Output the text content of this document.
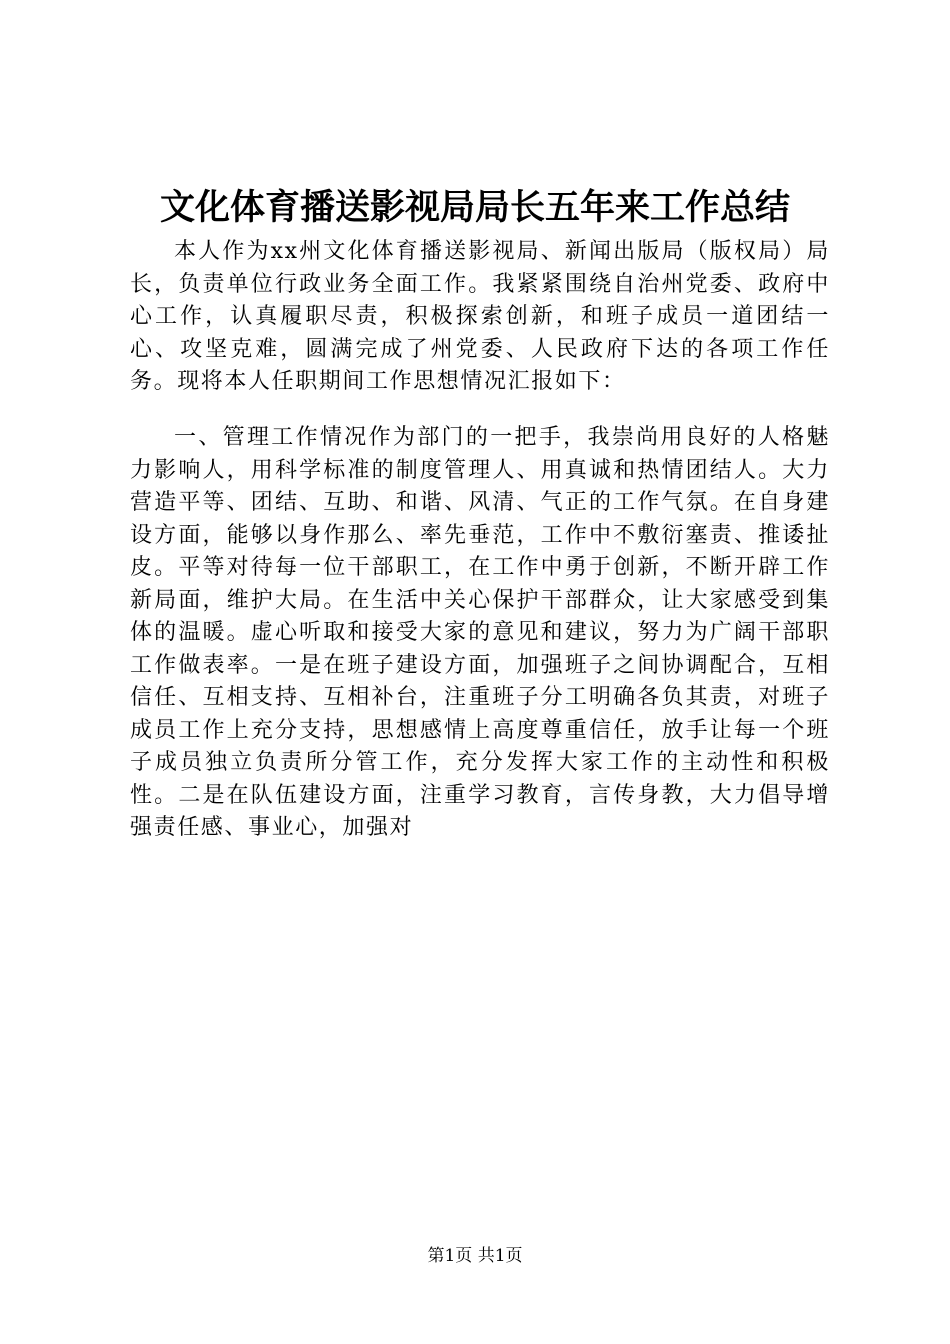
文化体育播送影视局局长五年来工作总结

本人作为xx州文化体育播送影视局、新闻出版局（版权局）局长，负责单位行政业务全面工作。我紧紧围绕自治州党委、政府中心工作，认真履职尽责，积极探索创新，和班子成员一道团结一心、攻坚克难，圆满完成了州党委、人民政府下达的各项工作任务。现将本人任职期间工作思想情况汇报如下：

一、管理工作情况作为部门的一把手，我崇尚用良好的人格魅力影响人，用科学标准的制度管理人、用真诚和热情团结人。大力营造平等、团结、互助、和谐、风清、气正的工作气氛。在自身建设方面，能够以身作那么、率先垂范，工作中不敷衍塞责、推诿扯皮。平等对待每一位干部职工，在工作中勇于创新，不断开辟工作新局面，维护大局。在生活中关心保护干部群众，让大家感受到集体的温暖。虚心听取和接受大家的意见和建议，努力为广阔干部职工作做表率。一是在班子建设方面，加强班子之间协调配合，互相信任、互相支持、互相补台，注重班子分工明确各负其责，对班子成员工作上充分支持，思想感情上高度尊重信任，放手让每一个班子成员独立负责所分管工作，充分发挥大家工作的主动性和积极性。二是在队伍建设方面，注重学习教育，言传身教，大力倡导增强责任感、事业心，加强对

第1页 共1页
